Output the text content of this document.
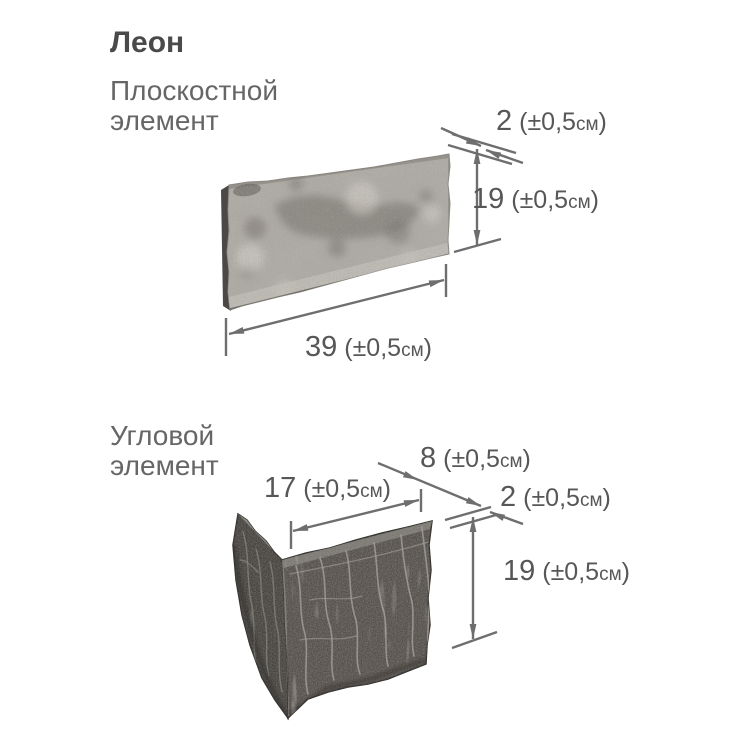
Леон
Плоскостной
элемент
Угловой
элемент
2 (±0,5см)
19 (±0,5см)
39 (±0,5см)
17 (±0,5см)
8 (±0,5см)
2 (±0,5см)
19 (±0,5см)
